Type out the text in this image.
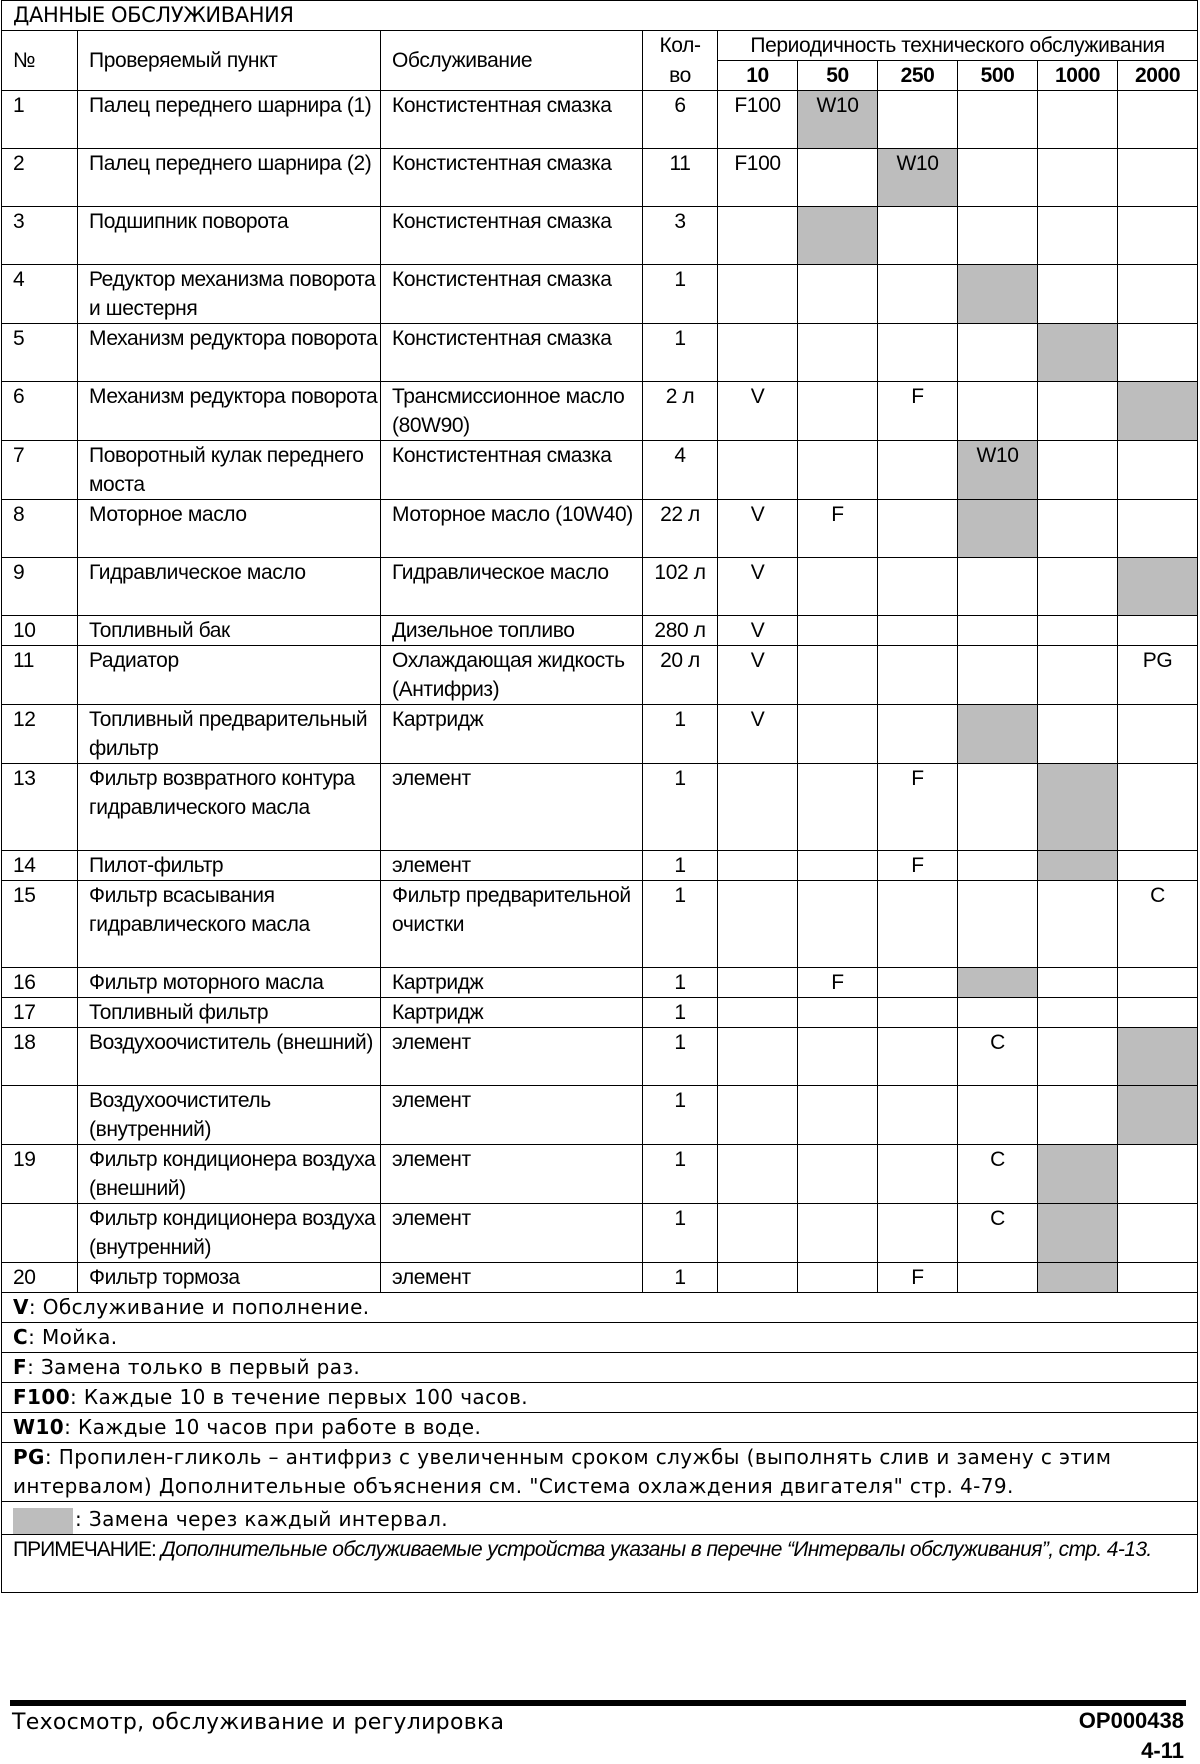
ДАННЫЕ ОБСЛУЖИВАНИЯ									
№	Проверяемый пункт	Обслуживание	Кол-	Периодичность технического обслуживания					
			во	10	50	250	500	1000	2000
1	Палец переднего шарнира (1)	Констистентная смазка	6	F100	W10				
2	Палец переднего шарнира (2)	Констистентная смазка	11	F100		W10			
3	Подшипник поворота	Констистентная смазка	3						
4	Редуктор механизма поворота и шестерня	Констистентная смазка	1						
5	Механизм редуктора поворота	Констистентная смазка	1						
6	Механизм редуктора поворота	Трансмиссионное масло (80W90)	2 л	V		F			
7	Поворотный кулак переднего моста	Констистентная смазка	4				W10		
8	Моторное масло	Моторное масло (10W40)	22 л	V	F				
9	Гидравлическое масло	Гидравлическое масло	102 л	V					
10	Топливный бак	Дизельное топливо	280 л	V					
11	Радиатор	Охлаждающая жидкость (Антифриз)	20 л	V					PG
12	Топливный предварительный фильтр	Картридж	1	V					
13	Фильтр возвратного контура гидравлического масла	элемент	1			F			
14	Пилот-фильтр	элемент	1			F			
15	Фильтр всасывания гидравлического масла	Фильтр предварительной очистки	1						C
16	Фильтр моторного масла	Картридж	1		F				
17	Топливный фильтр	Картридж	1						
18	Воздухоочиститель (внешний)	элемент	1				C		
	Воздухоочиститель (внутренний)	элемент	1						
19	Фильтр кондиционера воздуха (внешний)	элемент	1				C		
	Фильтр кондиционера воздуха (внутренний)	элемент	1				C		
20	Фильтр тормоза	элемент	1			F			
V: Обслуживание и пополнение.									
C: Мойка.									
F: Замена только в первый раз.									
F100: Каждые 10 в течение первых 100 часов.									
W10: Каждые 10 часов при работе в воде.									
PG: Пропилен-гликоль – антифриз с увеличенным сроком службы (выполнять слив и замену с этим интервалом) Дополнительные объяснения см. "Система охлаждения двигателя" стр. 4-79.									
: Замена через каждый интервал.									
ПРИМЕЧАНИЕ: Дополнительные обслуживаемые устройства указаны в перечне “Интервалы обслуживания”, стр. 4-13.									
Техосмотр, обслуживание и регулировка	OP000438
4-11
